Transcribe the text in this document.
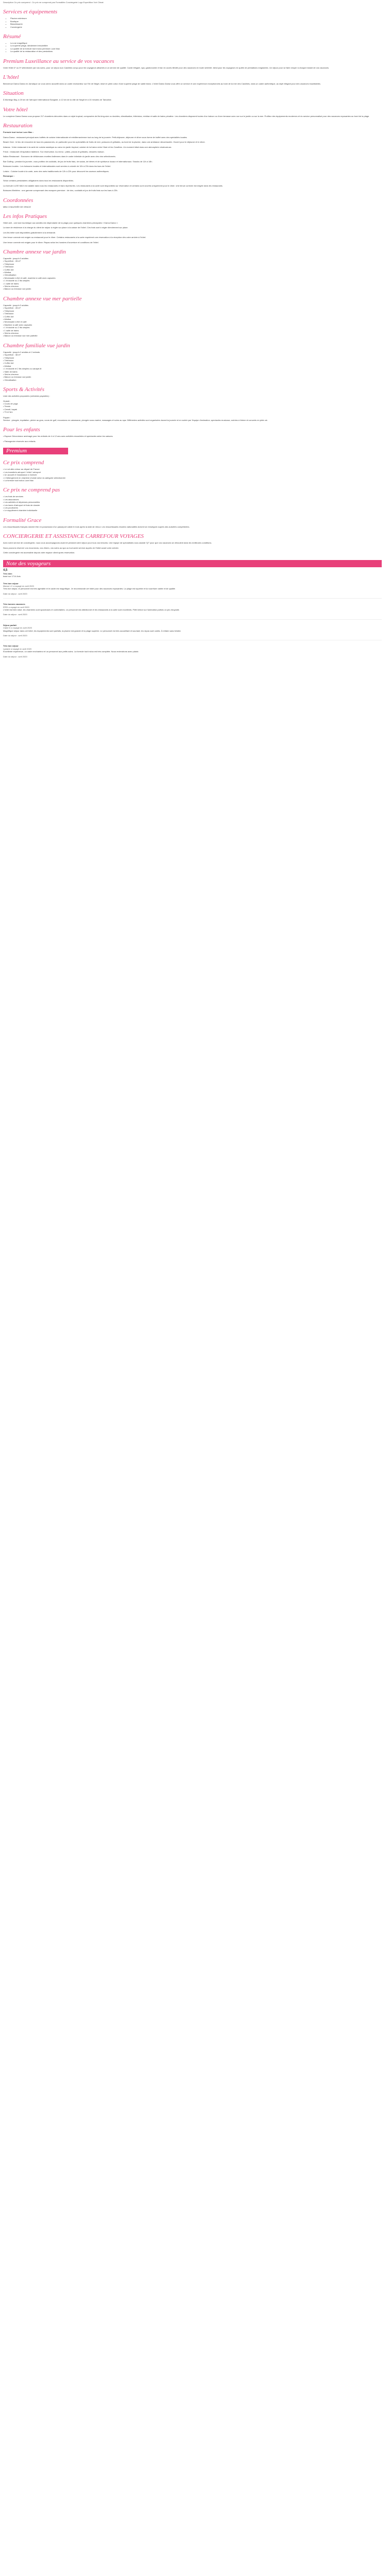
Description Ce prix comprend : Ce prix ne comprend pas Formalités Conciergerie Logo Expedition Voir Climat

Services et équipements
• Piscine extérieure
• Boutique
• Blanchisserie
• Conciergerie
Résumé
• La vue magnifique
• La superbe plage, idéalement ensoleillée
• La qualité de la formule tout inclus premium Luxe Max
• La qualité de la restauration et des prestations
Premium Luxeillance au service de vos vacances

Votre Hôtel 4* ou 5* sélectionné par nos soins, pour un séjour aux Caraïbes conçu pour les voyageurs attachés à un service de qualité. Cadre élégant, spa, gastronomie et bar en accès illimité pour des vacances en toute sérénité. Idéal pour les voyageurs en quête de prestations exigeantes. Un séjour pour se faire choyer à chaque instant de vos vacances.

L'hôtel

Bienvenue Dama Dama en Jamaïque où vous serez accueilli dans un cadre enchanteur sur l'île de Négril, situé en plein cœur d'une superbe plage de sable blanc. L'hôtel Dama Dama vous offre un service et une expérience exceptionnels au bord de la mer des Caraïbes, dans un cadre authentique, au style élégant pour des vacances inoubliables.

Situation

À Montego Bay, à 20 km de l'aéroport international Sangster, à 12 km de la ville de Negril et à 10 minutes de Tamarind.

Votre hôtel

Le complexe Dama Dama vous propose 217 chambres décorées dans un style tropical, composées de lits king-size ou doubles, climatisation, télévision, minibar et salle de bains privative. Les chambres disposent toutes d'un balcon ou d'une terrasse avec vue sur le jardin ou sur la mer. Profitez des équipements modernes et du service personnalisé pour des vacances reposantes au bord de la plage.

Restauration

Formule tout inclus Luxe Max :

Dama Dama : restaurant principal avec buffets de cuisine internationale et méditerranéenne tout au long de la journée. Petit-déjeuner, déjeuner et dîner sous forme de buffet avec des spécialités locales.

Beach Club : le lieu de rencontre de tous les passionnés, en particulier pour les spécialités de fruits de mer, poissons et grillades, au bord de la piscine, dans une ambiance décontractée. Ouvert pour le déjeuner et le dîner.

Adanas : Votre restaurant à la carte de cuisine asiatique au cœur du jardin tropical, cuisine de la fusion entre l'Asie et les Caraïbes. Un moment idéal dans une atmosphère chaleureuse.

Freck : restaurant d'inspiration italienne. Sur réservation. Au menu : pâtes, pizzas et grillades, desserts maison.

Italian Restaurant : Savourez de délicieuses recettes italiennes dans le cadre intimiste du jardin avec des vins sélectionnés.

Bar Gulfing : pendant la journée, vous profitez de cocktails, de jus de fruits frais, de sodas, de bières et de spiritueux locaux et internationaux. Snacks de 11h à 18h.

Boissons locales : Les boissons locales et internationales sont servies à volonté de 10h à 23h dans les bars de l'hôtel.

Loisirs : Cuisine locale à la carte, avec des mets traditionnels de 12h à 22h pour découvrir les saveurs authentiques.

Remarque :

Selon certains prestataires obligatoires dans tous les restaurants disponibles.

La formule LUXE MAX est valable dans tous les restaurants et bars répertoriés. Les restaurants à la carte sont disponibles sur réservation et certains sont ouverts uniquement pour le dîner. Une tenue correcte est exigée dans les restaurants.

Boissons illimitées : une gamme comprenant des marques premium : de vins, cocktails et jus de fruits frais sur les bars à 23h.

Coordonnées

MBU CHAUSSÉE DE GRACE

Les infos Pratiques

Hôtel anti - une taxe touristique aux adultes est dépendante de la plage pour quelques chambres principales « Dama Dama ».

La taxe de résidence à la charge du client de séjour à régler sur place à la caisse de l'hôtel. Ces frais sont à régler directement sur place.

Les lits bébé sont disponibles gratuitement à la demande.

Une tenue correcte est exigée au restaurant pour le dîner. Certains restaurants à la carte requièrent une réservation à la réception dès votre arrivée à l'hôtel.

Une tenue correcte est exigée pour le dîner. Repas selon les horaires d'ouverture et conditions de l'hôtel.

Chambre annexe vue jardin

Capacité : jusqu'à 3 adultes

• Superficie : 28 m²
• Téléphone
• Télévision
• Coffre-fort
• Minibar
• Climatisation
• Nécessaire à thé et café, machine à café avec capsules
• 1 lit double ou 2 lits simples
• 1 salle de bains
• Sèche-cheveux
• Balcon ou terrasse vue jardin
Chambre annexe vue mer partielle

Capacité : jusqu'à 3 adultes

• Superficie : 28 m²
• Téléphone
• Télévision
• Coffre-fort
• Minibar
• Nécessaire à thé et café
• Machine à café avec capsules
• 1 lit double ou 2 lits simples
• 1 salle de bains
• Sèche-cheveux
• Balcon ou terrasse vue mer partielle
Chambre familiale vue jardin

Capacité : jusqu'à 2 adultes et 2 enfants

• Superficie : 38 m²
• Téléphone
• Télévision
• Coffre-fort
• Minibar
• 1 lit double et 2 lits simples ou canapé-lit
• Salle de bains
• Sèche-cheveux
• Balcon ou terrasse vue jardin
• Climatisation
Sports & Activités

Liste des activités proposées (certaines payantes) :

Gratuit :

• Cours de yoga
• Tennis
• Canoë, kayak
• Tir à l'arc

Payant :

Service : plongée, équitation, pêche au gros, cours de golf, excursions en catamaran, plongée sous-marine, massages et soins au spa. Différentes activités sont organisées durant la journée et en soirée par l'équipe d'animation, spectacles musicaux, soirées à thème et concerts en plein air.

Pour les enfants

• Espace Géocroiseur aménagé pour les enfants de 4 à 12 ans avec activités encadrées et spectacles selon les saisons.

• Pataugeoire réservée aux enfants.

Premium
Ce prix comprend

• Le vol aller-retour au départ de France

• Les transferts aéroport / hôtel / aéroport

• Un accueil et l'assistance à l'arrivée

• L'hébergement en chambre choisie selon la catégorie sélectionnée

• La formule tout inclus Luxe Max

Ce prix ne comprend pas

• Les frais de services

• Les assurances

• Les activités et dépenses personnelles

• Les taxes d'aéroport et frais de dossier

• Les pourboires

• Le supplément chambre individuelle

Formalité Grace

Les ressortissants français doivent être en possession d'un passeport valide 6 mois après la date de retour. Les ressortissants d'autres nationalités doivent se renseigner auprès des autorités compétentes.

CONCIERGERIE ET ASSISTANCE CARREFOUR VOYAGES

Avec notre service de conciergerie, nous vous accompagnons avant et pendant votre séjour pour tous vos besoins. Une équipe de spécialistes vous assiste 7j/7 pour que vos vacances se déroulent dans les meilleures conditions.

Nous pouvons réserver vos excursions, vos dîners, vos soins au spa ou tout autre service auprès de l'hôtel avant votre arrivée.

Cette conciergerie est accessible depuis votre espace client après réservation.

Note des voyageurs
4,5
Très bien
basé sur 1714 Avis
Très bon séjour
Manon LC a voyagé en avril 2020

Très bon séjour, le personnel est très agréable et le cadre est magnifique. Je recommande cet hôtel pour des vacances reposantes. La plage est superbe et la nourriture variée et de qualité.

Date du séjour : avril 2020
Très bonnes vacances
ERSI a voyagé en avril 2020

L'hôtel est bien situé, les chambres sont spacieuses et confortables. Le personnel est attentionné et les restaurants à la carte sont excellents. Petit bémol sur l'animation parfois un peu bruyante.

Date du séjour : avril 2020
Séjour parfait
Claire D a voyagé en avril 2020

Magnifique séjour dans cet hôtel, les équipements sont parfaits, la piscine est grande et la plage superbe. Le personnel est très accueillant et souriant, les repas sont variés. À refaire sans hésiter.

Date du séjour : avril 2020
Très bon séjour
Lysiane a voyagé en avril 2020

Excellente expérience, un cadre enchanteur et un personnel aux petits soins. La formule tout inclus est très complète. Nous reviendrons avec plaisir.

Date du séjour : avril 2020
